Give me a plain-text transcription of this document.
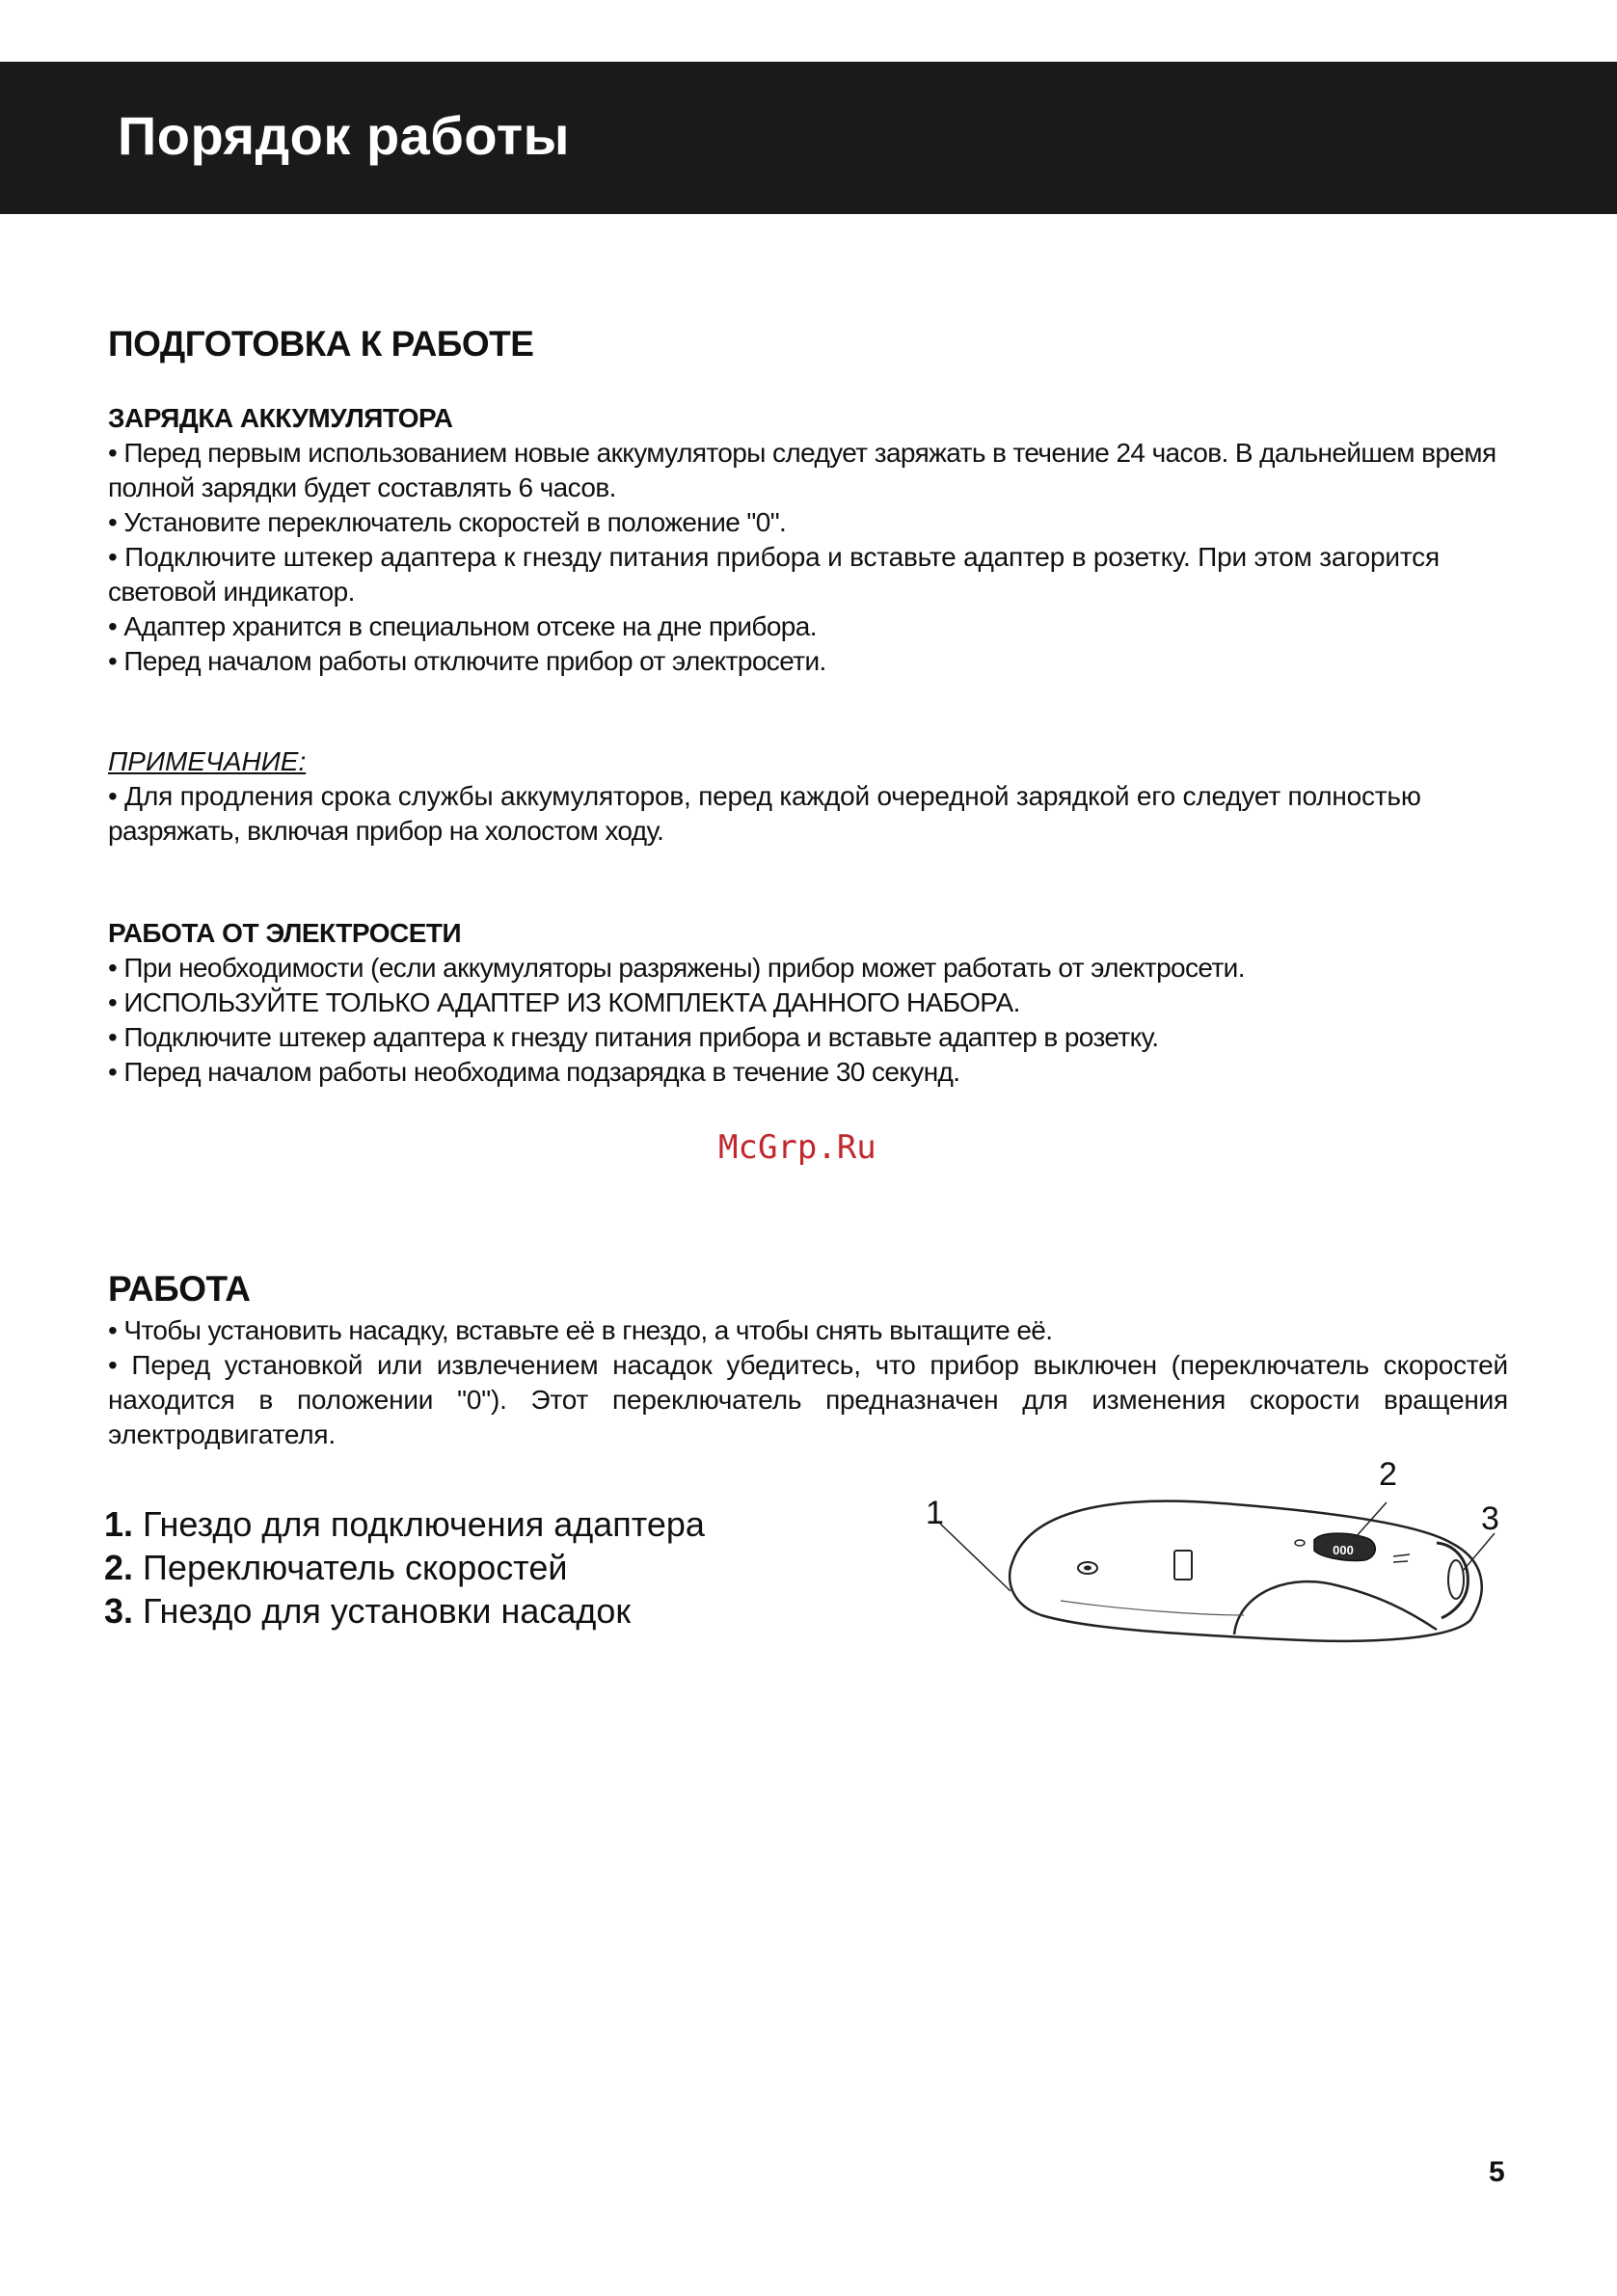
Порядок работы
ПОДГОТОВКА К РАБОТЕ

ЗАРЯДКА АККУМУЛЯТОРА

• Перед первым использованием новые аккумуляторы следует заряжать в течение 24 часов. В дальнейшем время полной зарядки будет составлять 6 часов.

• Установите переключатель скоростей в положение "0".

• Подключите штекер адаптера к гнезду питания прибора и вставьте адаптер в розетку. При этом загорится

световой индикатор.

• Адаптер хранится в специальном отсеке на дне прибора.

• Перед началом работы отключите прибор от электросети.

ПРИМЕЧАНИЕ:

• Для продления срока службы аккумуляторов, перед каждой очередной зарядкой его следует полностью

разряжать, включая прибор на холостом ходу.

РАБОТА ОТ ЭЛЕКТРОСЕТИ

• При необходимости (если аккумуляторы разряжены) прибор может работать от электросети.

• ИСПОЛЬЗУЙТЕ ТОЛЬКО АДАПТЕР ИЗ КОМПЛЕКТА ДАННОГО НАБОРА.

• Подключите штекер адаптера к гнезду питания прибора и вставьте адаптер в розетку.

• Перед началом работы необходима подзарядка в течение 30 секунд.

McGrp.Ru
РАБОТА

• Чтобы установить насадку, вставьте её в гнездо, а чтобы снять вытащите её.

• Перед установкой или извлечением насадок убедитесь, что прибор выключен (переключатель скоростей находится в положении "0"). Этот переключатель предназначен для изменения скорости вращения электродвигателя.

1. Гнездо для подключения адаптера

2. Переключатель скоростей

3. Гнездо для установки насадок

000
1
2
3
5
